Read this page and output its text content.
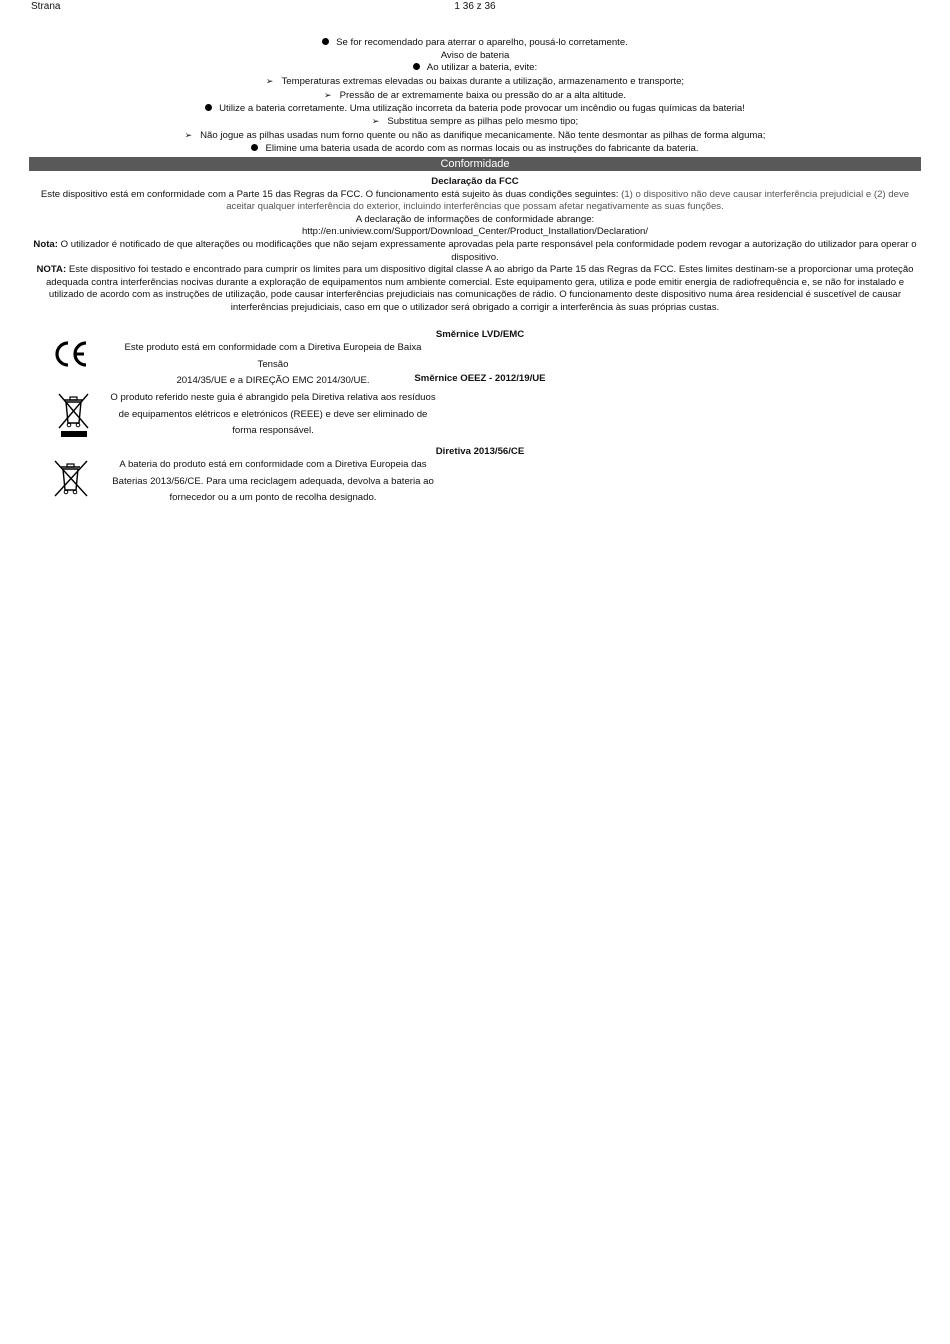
Strana	1 36 z 36
Se for recomendado para aterrar o aparelho, pousá-lo corretamente.
Aviso de bateria
Ao utilizar a bateria, evite:
➢ Temperaturas extremas elevadas ou baixas durante a utilização, armazenamento e transporte;
➢ Pressão de ar extremamente baixa ou pressão do ar a alta altitude.
Utilize a bateria corretamente. Uma utilização incorreta da bateria pode provocar um incêndio ou fugas químicas da bateria!
➢ Substitua sempre as pilhas pelo mesmo tipo;
➢ Não jogue as pilhas usadas num forno quente ou não as danifique mecanicamente. Não tente desmontar as pilhas de forma alguma;
Elimine uma bateria usada de acordo com as normas locais ou as instruções do fabricante da bateria.
Conformidade
Declaração da FCC
Este dispositivo está em conformidade com a Parte 15 das Regras da FCC. O funcionamento está sujeito às duas condições seguintes: (1) o dispositivo não deve causar interferência prejudicial e (2) deve
aceitar qualquer interferência do exterior, incluindo interferências que possam afetar negativamente as suas funções.
A declaração de informações de conformidade abrange:
http://en.uniview.com/Support/Download_Center/Product_Installation/Declaration/
Nota: O utilizador é notificado de que alterações ou modificações que não sejam expressamente aprovadas pela parte responsável pela conformidade podem revogar a autorização do utilizador para operar o
dispositivo.
NOTA: Este dispositivo foi testado e encontrado para cumprir os limites para um dispositivo digital classe A ao abrigo da Parte 15 das Regras da FCC. Estes limites destinam-se a proporcionar uma proteção
adequada contra interferências nocivas durante a exploração de equipamentos num ambiente comercial. Este equipamento gera, utiliza e pode emitir energia de radiofrequência e, se não for instalado e
utilizado de acordo com as instruções de utilização, pode causar interferências prejudiciais nas comunicações de rádio. O funcionamento deste dispositivo numa área residencial é suscetível de causar
interferências prejudiciais, caso em que o utilizador será obrigado a corrigir a interferência às suas próprias custas.
Směrnice LVD/EMC
Este produto está em conformidade com a Diretiva Europeia de Baixa Tensão
2014/35/UE e a DIREÇÃO EMC 2014/30/UE.	Směrnice OEEZ - 2012/19/UE
O produto referido neste guia é abrangido pela Diretiva relativa aos resíduos
de equipamentos elétricos e eletrónicos (REEE) e deve ser eliminado de
forma responsável.
Diretiva 2013/56/CE
A bateria do produto está em conformidade com a Diretiva Europeia das
Baterias 2013/56/CE. Para uma reciclagem adequada, devolva a bateria ao
fornecedor ou a um ponto de recolha designado.
